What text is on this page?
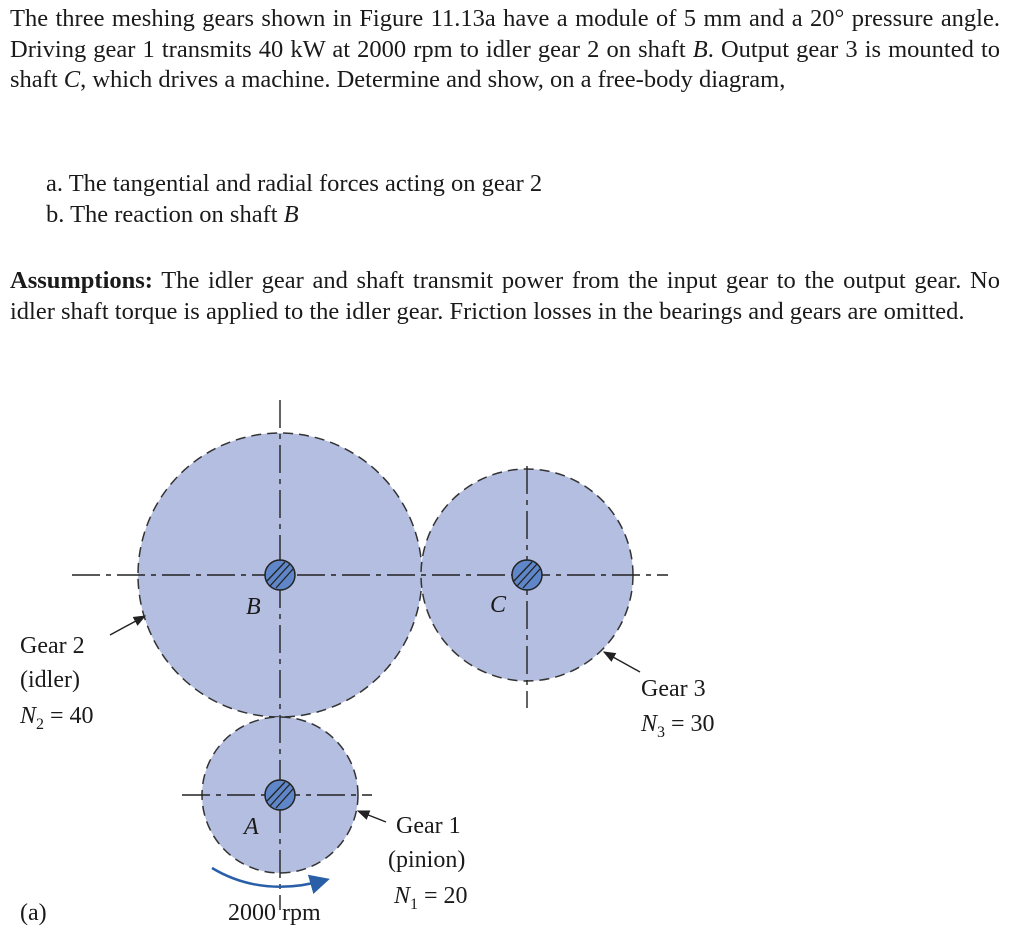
The three meshing gears shown in Figure 11.13a have a module of 5 mm and a 20° pressure angle. Driving gear 1 transmits 40 kW at 2000 rpm to idler gear 2 on shaft B. Output gear 3 is mounted to shaft C, which drives a machine. Determine and show, on a free-body diagram,

a. The tangential and radial forces acting on gear 2
b. The reaction on shaft B

Assumptions: The idler gear and shaft transmit power from the input gear to the output gear. No idler shaft torque is applied to the idler gear. Friction losses in the bearings and gears are omitted.

B	C
A
Gear 2
(idler)
$N_2 = 40$
Gear 3
$N_3 = 30$
Gear 1
(pinion)
$N_1 = 20$
2000 rpm
(a)
